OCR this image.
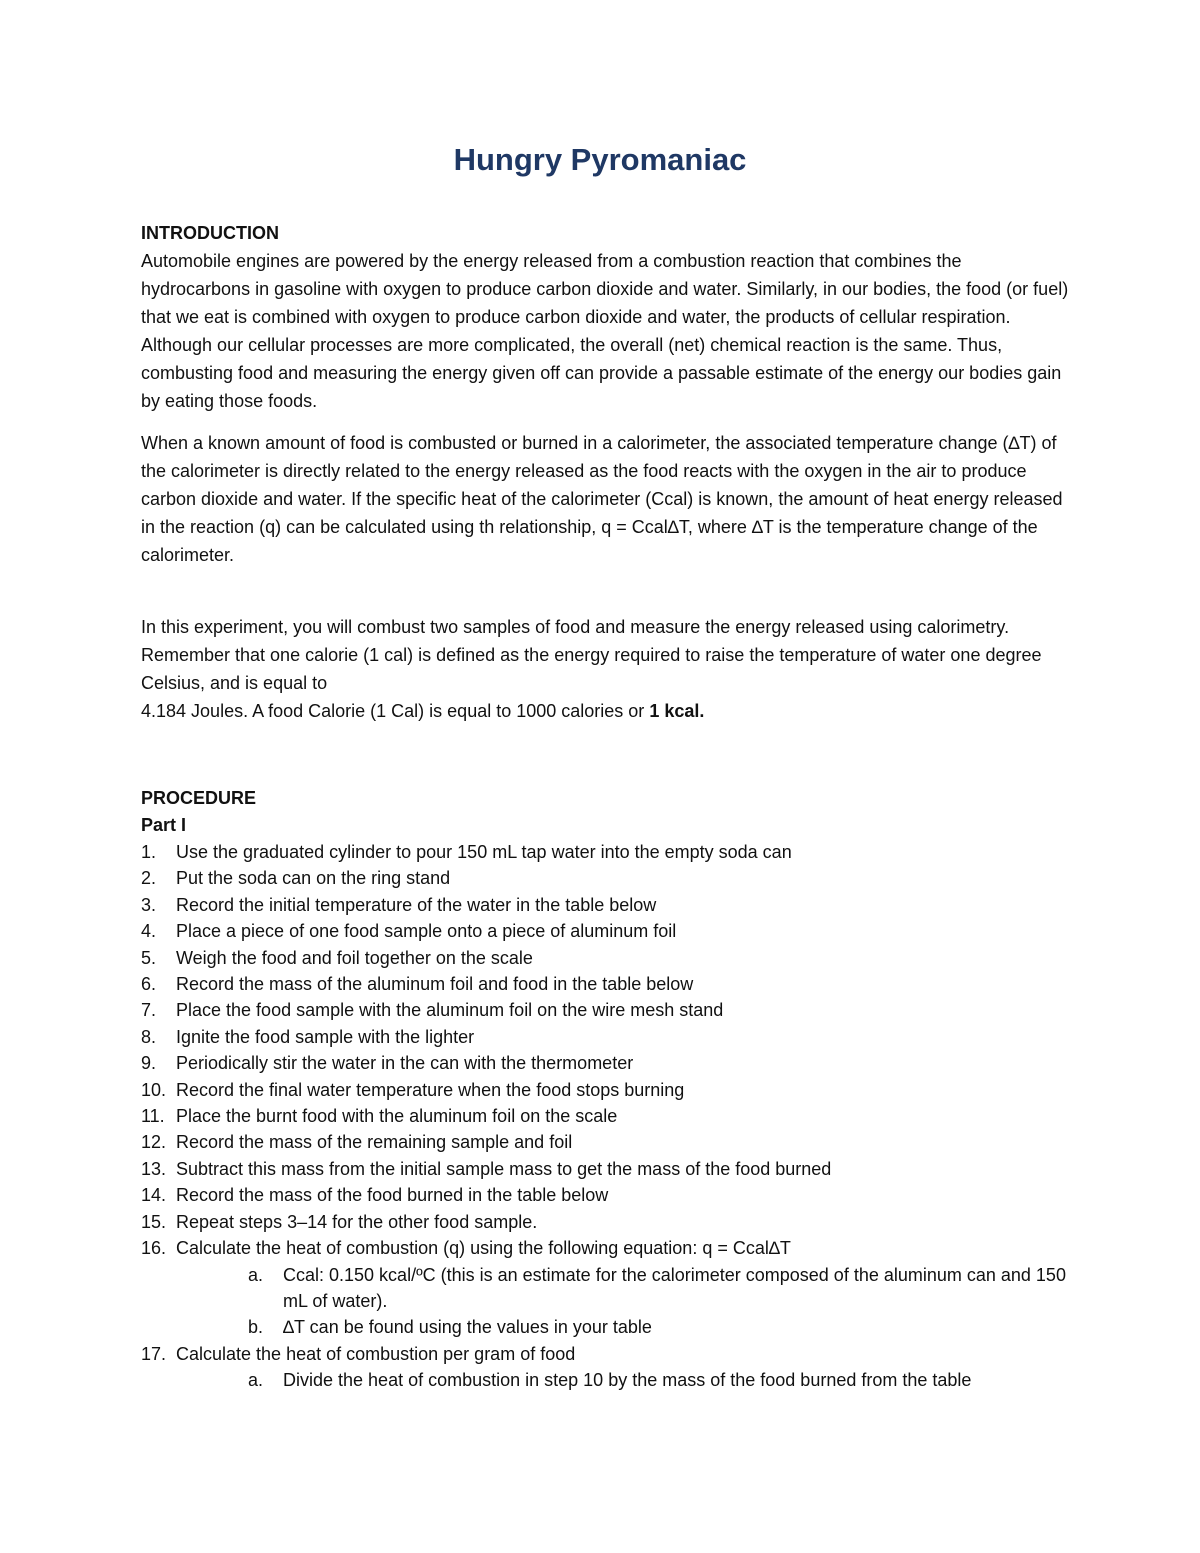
Hungry Pyromaniac

INTRODUCTION

Automobile engines are powered by the energy released from a combustion reaction that combines the hydrocarbons in gasoline with oxygen to produce carbon dioxide and water. Similarly, in our bodies, the food (or fuel) that we eat is combined with oxygen to produce carbon dioxide and water, the products of cellular respiration. Although our cellular processes are more complicated, the overall (net) chemical reaction is the same. Thus, combusting food and measuring the energy given off can provide a passable estimate of the energy our bodies gain by eating those foods.

When a known amount of food is combusted or burned in a calorimeter, the associated temperature change (∆T) of the calorimeter is directly related to the energy released as the food reacts with the oxygen in the air to produce carbon dioxide and water. If the specific heat of the calorimeter (Ccal) is known, the amount of heat energy released in the reaction (q) can be calculated using th relationship, q = Ccal∆T, where ∆T is the temperature change of the calorimeter.

In this experiment, you will combust two samples of food and measure the energy released using calorimetry. Remember that one calorie (1 cal) is defined as the energy required to raise the temperature of water one degree Celsius, and is equal to
4.184 Joules. A food Calorie (1 Cal) is equal to 1000 calories or 1 kcal.

PROCEDURE

Part I

1. Use the graduated cylinder to pour 150 mL tap water into the empty soda can
2. Put the soda can on the ring stand
3. Record the initial temperature of the water in the table below
4. Place a piece of one food sample onto a piece of aluminum foil
5. Weigh the food and foil together on the scale
6. Record the mass of the aluminum foil and food in the table below
7. Place the food sample with the aluminum foil on the wire mesh stand
8. Ignite the food sample with the lighter
9. Periodically stir the water in the can with the thermometer
10. Record the final water temperature when the food stops burning
11. Place the burnt food with the aluminum foil on the scale
12. Record the mass of the remaining sample and foil
13. Subtract this mass from the initial sample mass to get the mass of the food burned
14. Record the mass of the food burned in the table below
15. Repeat steps 3–14 for the other food sample.
16. Calculate the heat of combustion (q) using the following equation: q = Ccal∆T
a. Ccal: 0.150 kcal/ºC (this is an estimate for the calorimeter composed of the aluminum can and 150 mL of water).
b. ∆T can be found using the values in your table
17. Calculate the heat of combustion per gram of food
a. Divide the heat of combustion in step 10 by the mass of the food burned from the table
